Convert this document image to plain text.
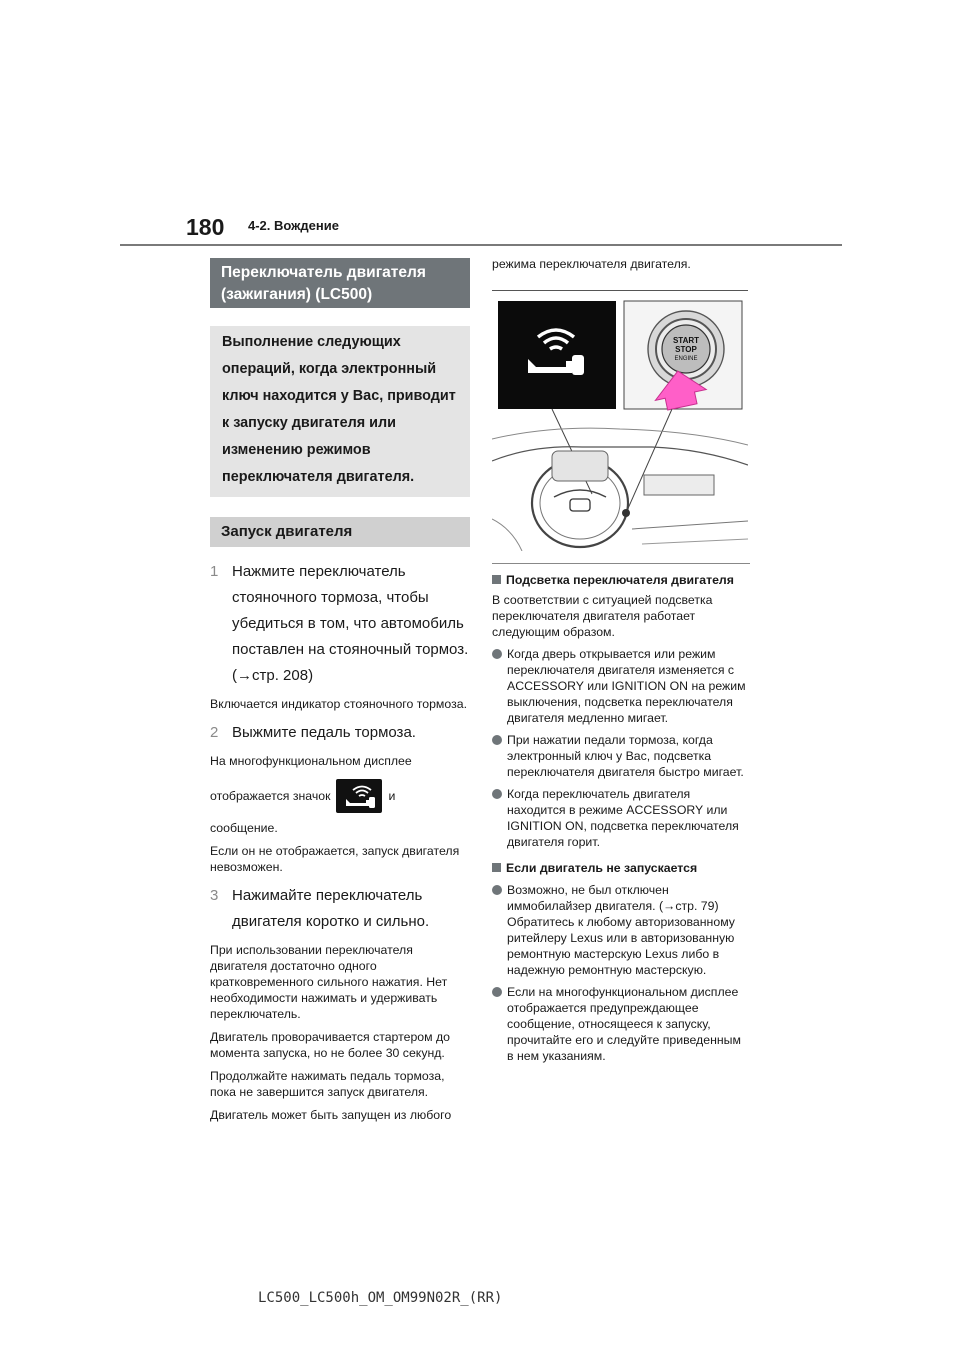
180 4-2. Вождение
Переключатель двигателя (зажигания) (LC500)
Выполнение следующих операций, когда электронный ключ находится у Вас, приводит к запуску двигателя или изменению режимов переключателя двигателя.
Запуск двигателя
1 Нажмите переключатель стояночного тормоза, чтобы убедиться в том, что автомобиль поставлен на стояночный тормоз. (→стр. 208)
Включается индикатор стояночного тормоза.
2 Выжмите педаль тормоза.
На многофункциональном дисплее
отображается значок	и
сообщение.
Если он не отображается, запуск двигателя невозможен.
3 Нажимайте переключатель двигателя коротко и сильно.
При использовании переключателя двигателя достаточно одного кратковременного сильного нажатия. Нет необходимости нажимать и удерживать переключатель.
Двигатель проворачивается стартером до момента запуска, но не более 30 секунд.
Продолжайте нажимать педаль тормоза, пока не завершится запуск двигателя.
Двигатель может быть запущен из любого
режима переключателя двигателя.
START
STOP
ENGINE
Подсветка переключателя двигателя
В соответствии с ситуацией подсветка переключателя двигателя работает следующим образом.
Когда дверь открывается или режим переключателя двигателя изменяется с ACCESSORY или IGNITION ON на режим выключения, подсветка переключателя двигателя медленно мигает.
При нажатии педали тормоза, когда электронный ключ у Вас, подсветка переключателя двигателя быстро мигает.
Когда переключатель двигателя находится в режиме ACCESSORY или IGNITION ON, подсветка переключателя двигателя горит.
Если двигатель не запускается
Возможно, не был отключен иммобилайзер двигателя. (→стр. 79) Обратитесь к любому авторизованному ритейлеру Lexus или в авторизованную ремонтную мастерскую Lexus либо в надежную ремонтную мастерскую.
Если на многофункциональном дисплее отображается предупреждающее сообщение, относящееся к запуску, прочитайте его и следуйте приведенным в нем указаниям.
LC500_LC500h_OM_OM99N02R_(RR)
